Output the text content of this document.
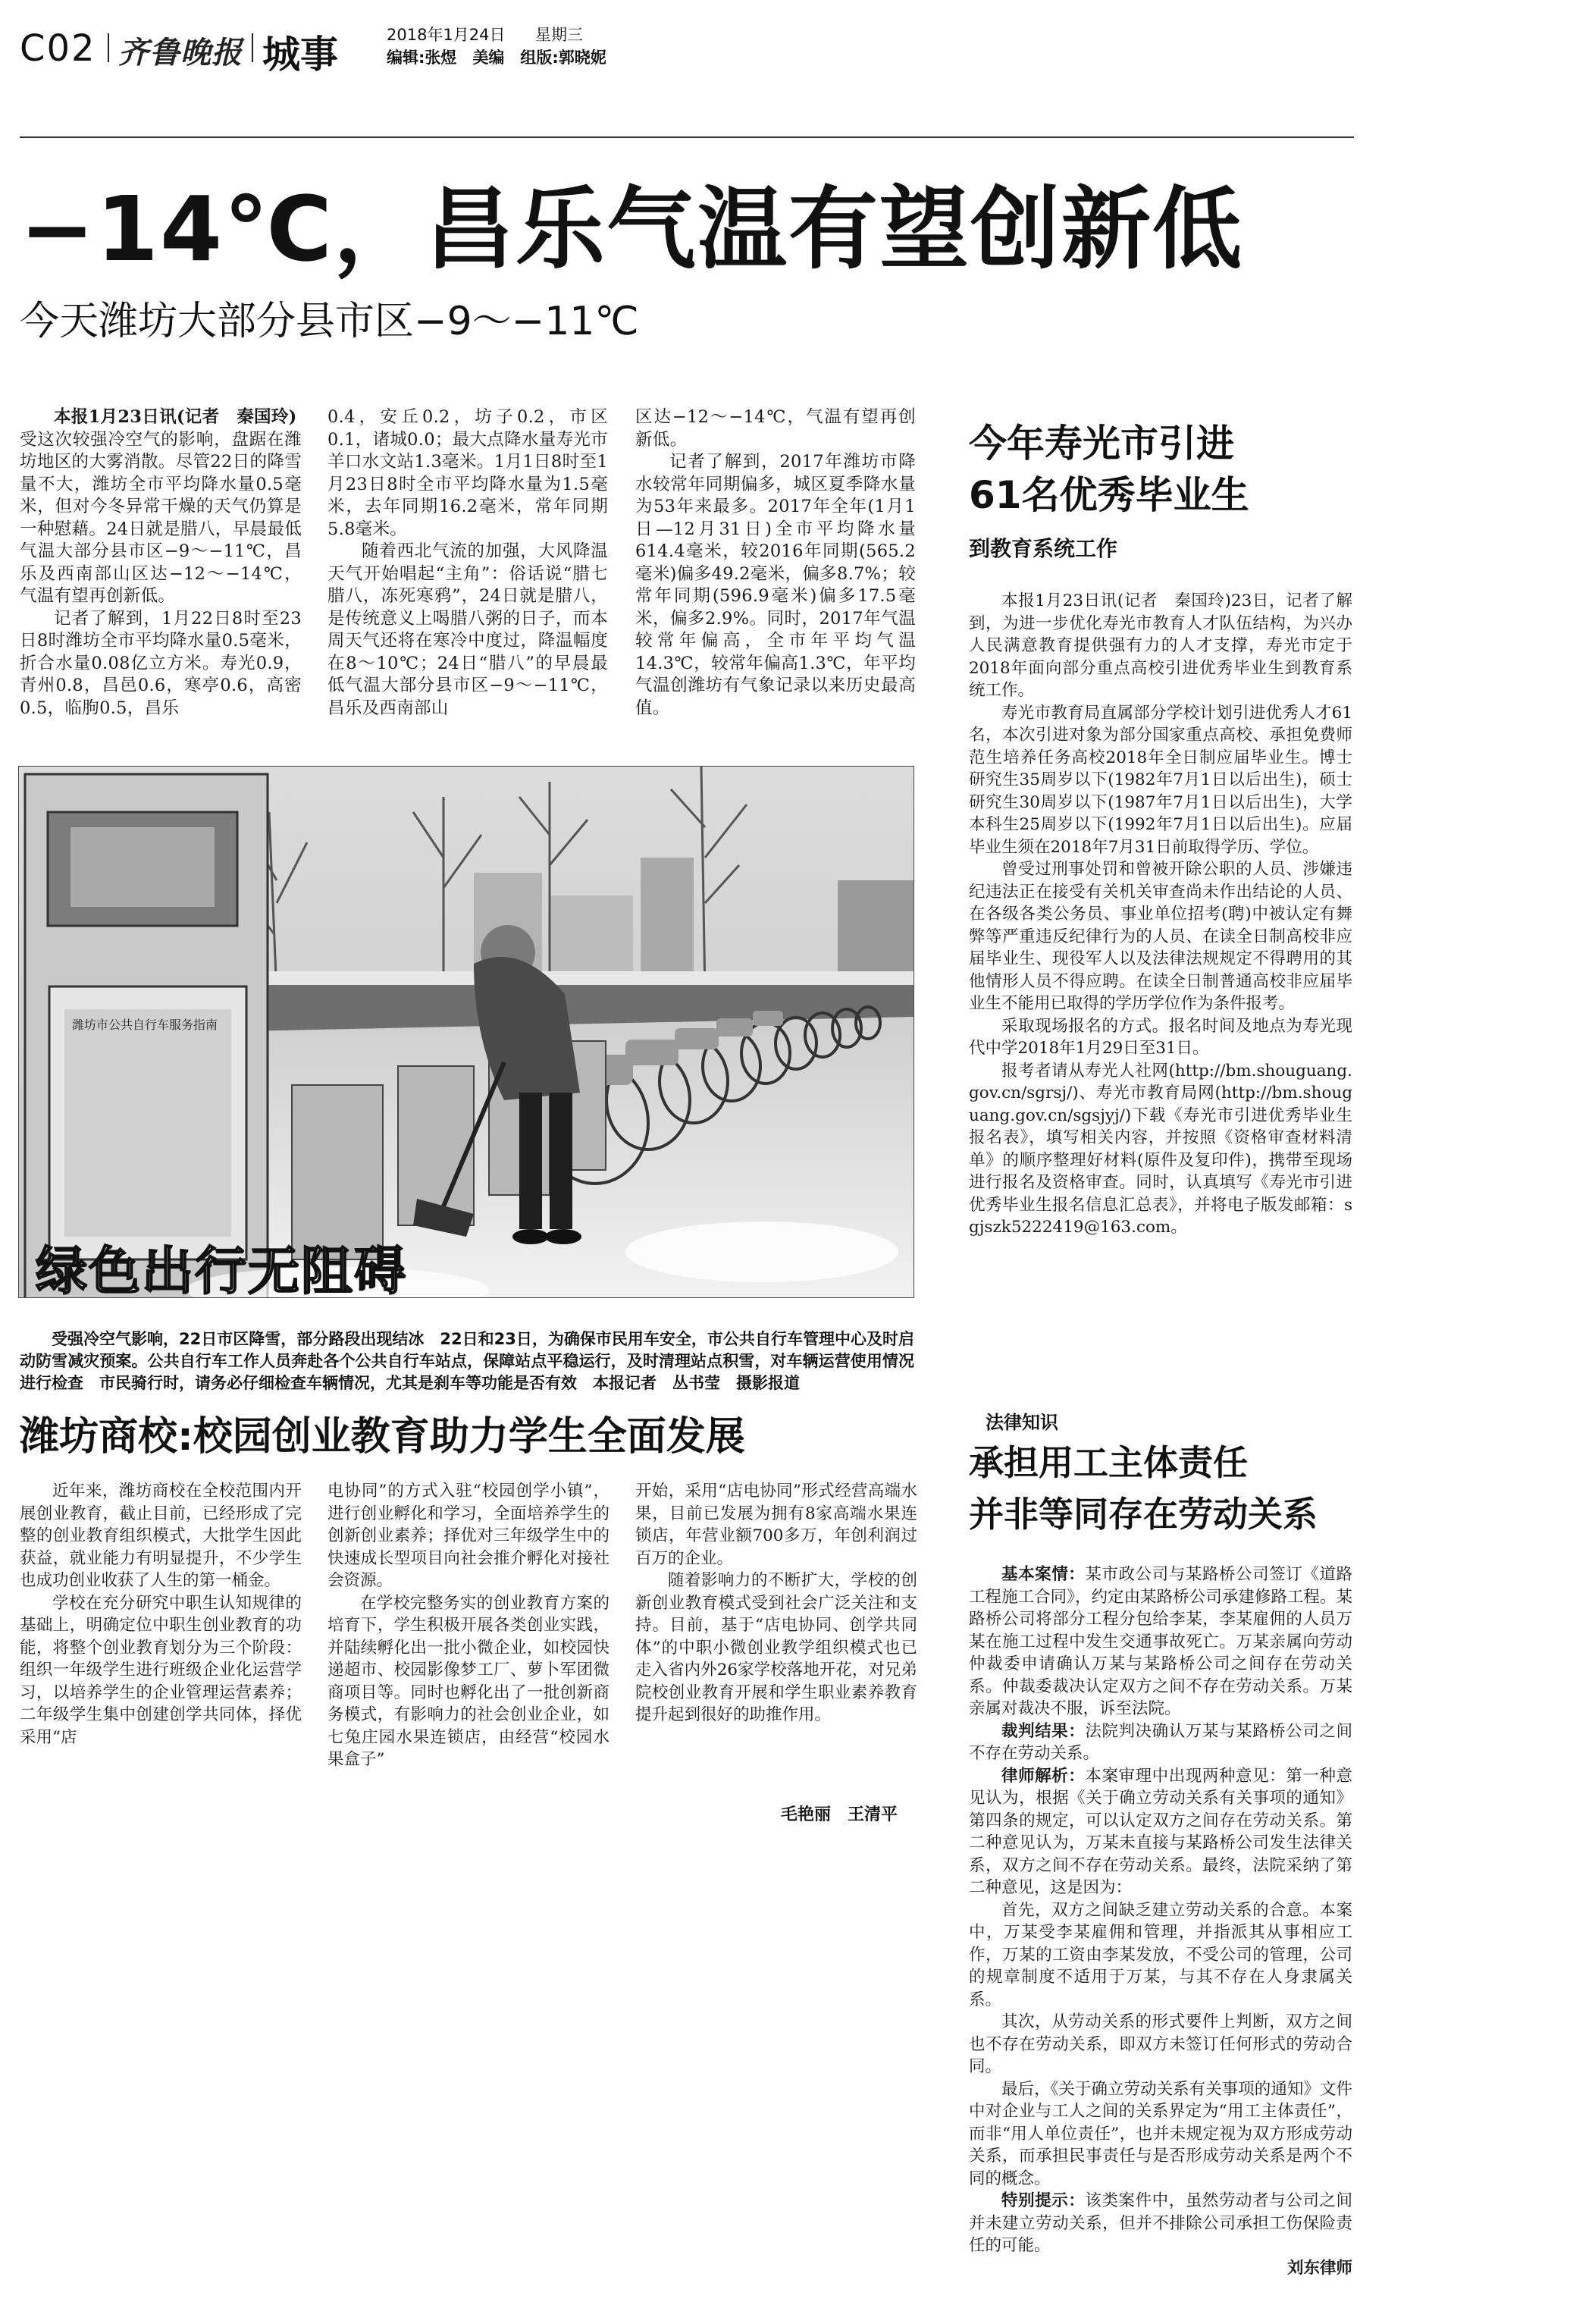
C02 齐鲁晚报 城事	2018年1月24日 星期三
编辑:张煜　美编　组版:郭晓妮
−14℃，昌乐气温有望创新低
今天潍坊大部分县市区−9～−11℃

本报1月23日讯(记者　秦国玲)

受这次较强冷空气的影响，盘踞在潍坊地区的大雾消散。尽管22日的降雪量不大，潍坊全市平均降水量0.5毫米，但对今冬异常干燥的天气仍算是一种慰藉。24日就是腊八，早晨最低气温大部分县市区−9～−11℃，昌乐及西南部山区达−12～−14℃，气温有望再创新低。

记者了解到，1月22日8时至23日8时潍坊全市平均降水量0.5毫米，折合水量0.08亿立方米。寿光0.9，青州0.8，昌邑0.6，寒亭0.6，高密0.5，临朐0.5，昌乐

0.4，安丘0.2，坊子0.2，市区0.1，诸城0.0；最大点降水量寿光市羊口水文站1.3毫米。1月1日8时至1月23日8时全市平均降水量为1.5毫米，去年同期16.2毫米，常年同期5.8毫米。

随着西北气流的加强，大风降温天气开始唱起“主角”：俗话说“腊七腊八，冻死寒鸦”，24日就是腊八，是传统意义上喝腊八粥的日子，而本周天气还将在寒冷中度过，降温幅度在8～10℃；24日“腊八”的早晨最低气温大部分县市区−9～−11℃，昌乐及西南部山

区达−12～−14℃，气温有望再创新低。

记者了解到，2017年潍坊市降水较常年同期偏多，城区夏季降水量为53年来最多。2017年全年(1月1日—12月31日)全市平均降水量614.4毫米，较2016年同期(565.2毫米)偏多49.2毫米，偏多8.7%；较常年同期(596.9毫米)偏多17.5毫米，偏多2.9%。同时，2017年气温较常年偏高，全市年平均气温14.3℃，较常年偏高1.3℃，年平均气温创潍坊有气象记录以来历史最高值。

潍坊市公共自行车服务指南
绿色出行无阻碍
受强冷空气影响，22日市区降雪，部分路段出现结冰　22日和23日，为确保市民用车安全，市公共自行车管理中心及时启动防雪减灾预案。公共自行车工作人员奔赴各个公共自行车站点，保障站点平稳运行，及时清理站点积雪，对车辆运营使用情况进行检查　市民骑行时，请务必仔细检查车辆情况，尤其是刹车等功能是否有效　 本报记者　丛书莹　摄影报道
潍坊商校:校园创业教育助力学生全面发展

近年来，潍坊商校在全校范围内开展创业教育，截止目前，已经形成了完整的创业教育组织模式，大批学生因此获益，就业能力有明显提升，不少学生也成功创业收获了人生的第一桶金。

学校在充分研究中职生认知规律的基础上，明确定位中职生创业教育的功能，将整个创业教育划分为三个阶段：组织一年级学生进行班级企业化运营学习，以培养学生的企业管理运营素养；二年级学生集中创建创学共同体，择优采用“店

电协同”的方式入驻“校园创学小镇”，进行创业孵化和学习，全面培养学生的创新创业素养；择优对三年级学生中的快速成长型项目向社会推介孵化对接社会资源。

在学校完整务实的创业教育方案的培育下，学生积极开展各类创业实践，并陆续孵化出一批小微企业，如校园快递超市、校园影像梦工厂、萝卜军团微商项目等。同时也孵化出了一批创新商务模式，有影响力的社会创业企业，如七兔庄园水果连锁店，由经营“校园水果盒子”

开始，采用“店电协同”形式经营高端水果，目前已发展为拥有8家高端水果连锁店，年营业额700多万，年创利润过百万的企业。

随着影响力的不断扩大，学校的创新创业教育模式受到社会广泛关注和支持。目前，基于“店电协同、创学共同体”的中职小微创业教学组织模式也已走入省内外26家学校落地开花，对兄弟院校创业教育开展和学生职业素养教育提升起到很好的助推作用。

毛艳丽　王清平
今年寿光市引进
61名优秀毕业生
到教育系统工作

本报1月23日讯(记者　秦国玲)23日，记者了解到，为进一步优化寿光市教育人才队伍结构，为兴办人民满意教育提供强有力的人才支撑，寿光市定于2018年面向部分重点高校引进优秀毕业生到教育系统工作。

寿光市教育局直属部分学校计划引进优秀人才61名，本次引进对象为部分国家重点高校、承担免费师范生培养任务高校2018年全日制应届毕业生。博士研究生35周岁以下(1982年7月1日以后出生)，硕士研究生30周岁以下(1987年7月1日以后出生)，大学本科生25周岁以下(1992年7月1日以后出生)。应届毕业生须在2018年7月31日前取得学历、学位。

曾受过刑事处罚和曾被开除公职的人员、涉嫌违纪违法正在接受有关机关审查尚未作出结论的人员、在各级各类公务员、事业单位招考(聘)中被认定有舞弊等严重违反纪律行为的人员、在读全日制高校非应届毕业生、现役军人以及法律法规规定不得聘用的其他情形人员不得应聘。在读全日制普通高校非应届毕业生不能用已取得的学历学位作为条件报考。

采取现场报名的方式。报名时间及地点为寿光现代中学2018年1月29日至31日。

报考者请从寿光人社网(http://bm.shouguang.gov.cn/sgrsj/)、寿光市教育局网(http://bm.shouguang.gov.cn/sgsjyj/)下载《寿光市引进优秀毕业生报名表》，填写相关内容，并按照《资格审查材料清单》的顺序整理好材料(原件及复印件)，携带至现场进行报名及资格审查。同时，认真填写《寿光市引进优秀毕业生报名信息汇总表》，并将电子版发邮箱：sgjszk5222419@163.com。

法律知识
承担用工主体责任
并非等同存在劳动关系

基本案情：某市政公司与某路桥公司签订《道路工程施工合同》，约定由某路桥公司承建修路工程。某路桥公司将部分工程分包给李某，李某雇佣的人员万某在施工过程中发生交通事故死亡。万某亲属向劳动仲裁委申请确认万某与某路桥公司之间存在劳动关系。仲裁委裁决认定双方之间不存在劳动关系。万某亲属对裁决不服，诉至法院。

裁判结果：法院判决确认万某与某路桥公司之间不存在劳动关系。

律师解析：本案审理中出现两种意见：第一种意见认为，根据《关于确立劳动关系有关事项的通知》第四条的规定，可以认定双方之间存在劳动关系。第二种意见认为，万某未直接与某路桥公司发生法律关系，双方之间不存在劳动关系。最终，法院采纳了第二种意见，这是因为：

首先，双方之间缺乏建立劳动关系的合意。本案中，万某受李某雇佣和管理，并指派其从事相应工作，万某的工资由李某发放，不受公司的管理，公司的规章制度不适用于万某，与其不存在人身隶属关系。

其次，从劳动关系的形式要件上判断，双方之间也不存在劳动关系，即双方未签订任何形式的劳动合同。

最后，《关于确立劳动关系有关事项的通知》文件中对企业与工人之间的关系界定为“用工主体责任”，而非“用人单位责任”，也并未规定视为双方形成劳动关系，而承担民事责任与是否形成劳动关系是两个不同的概念。

特别提示：该类案件中，虽然劳动者与公司之间并未建立劳动关系，但并不排除公司承担工伤保险责任的可能。

刘东律师
